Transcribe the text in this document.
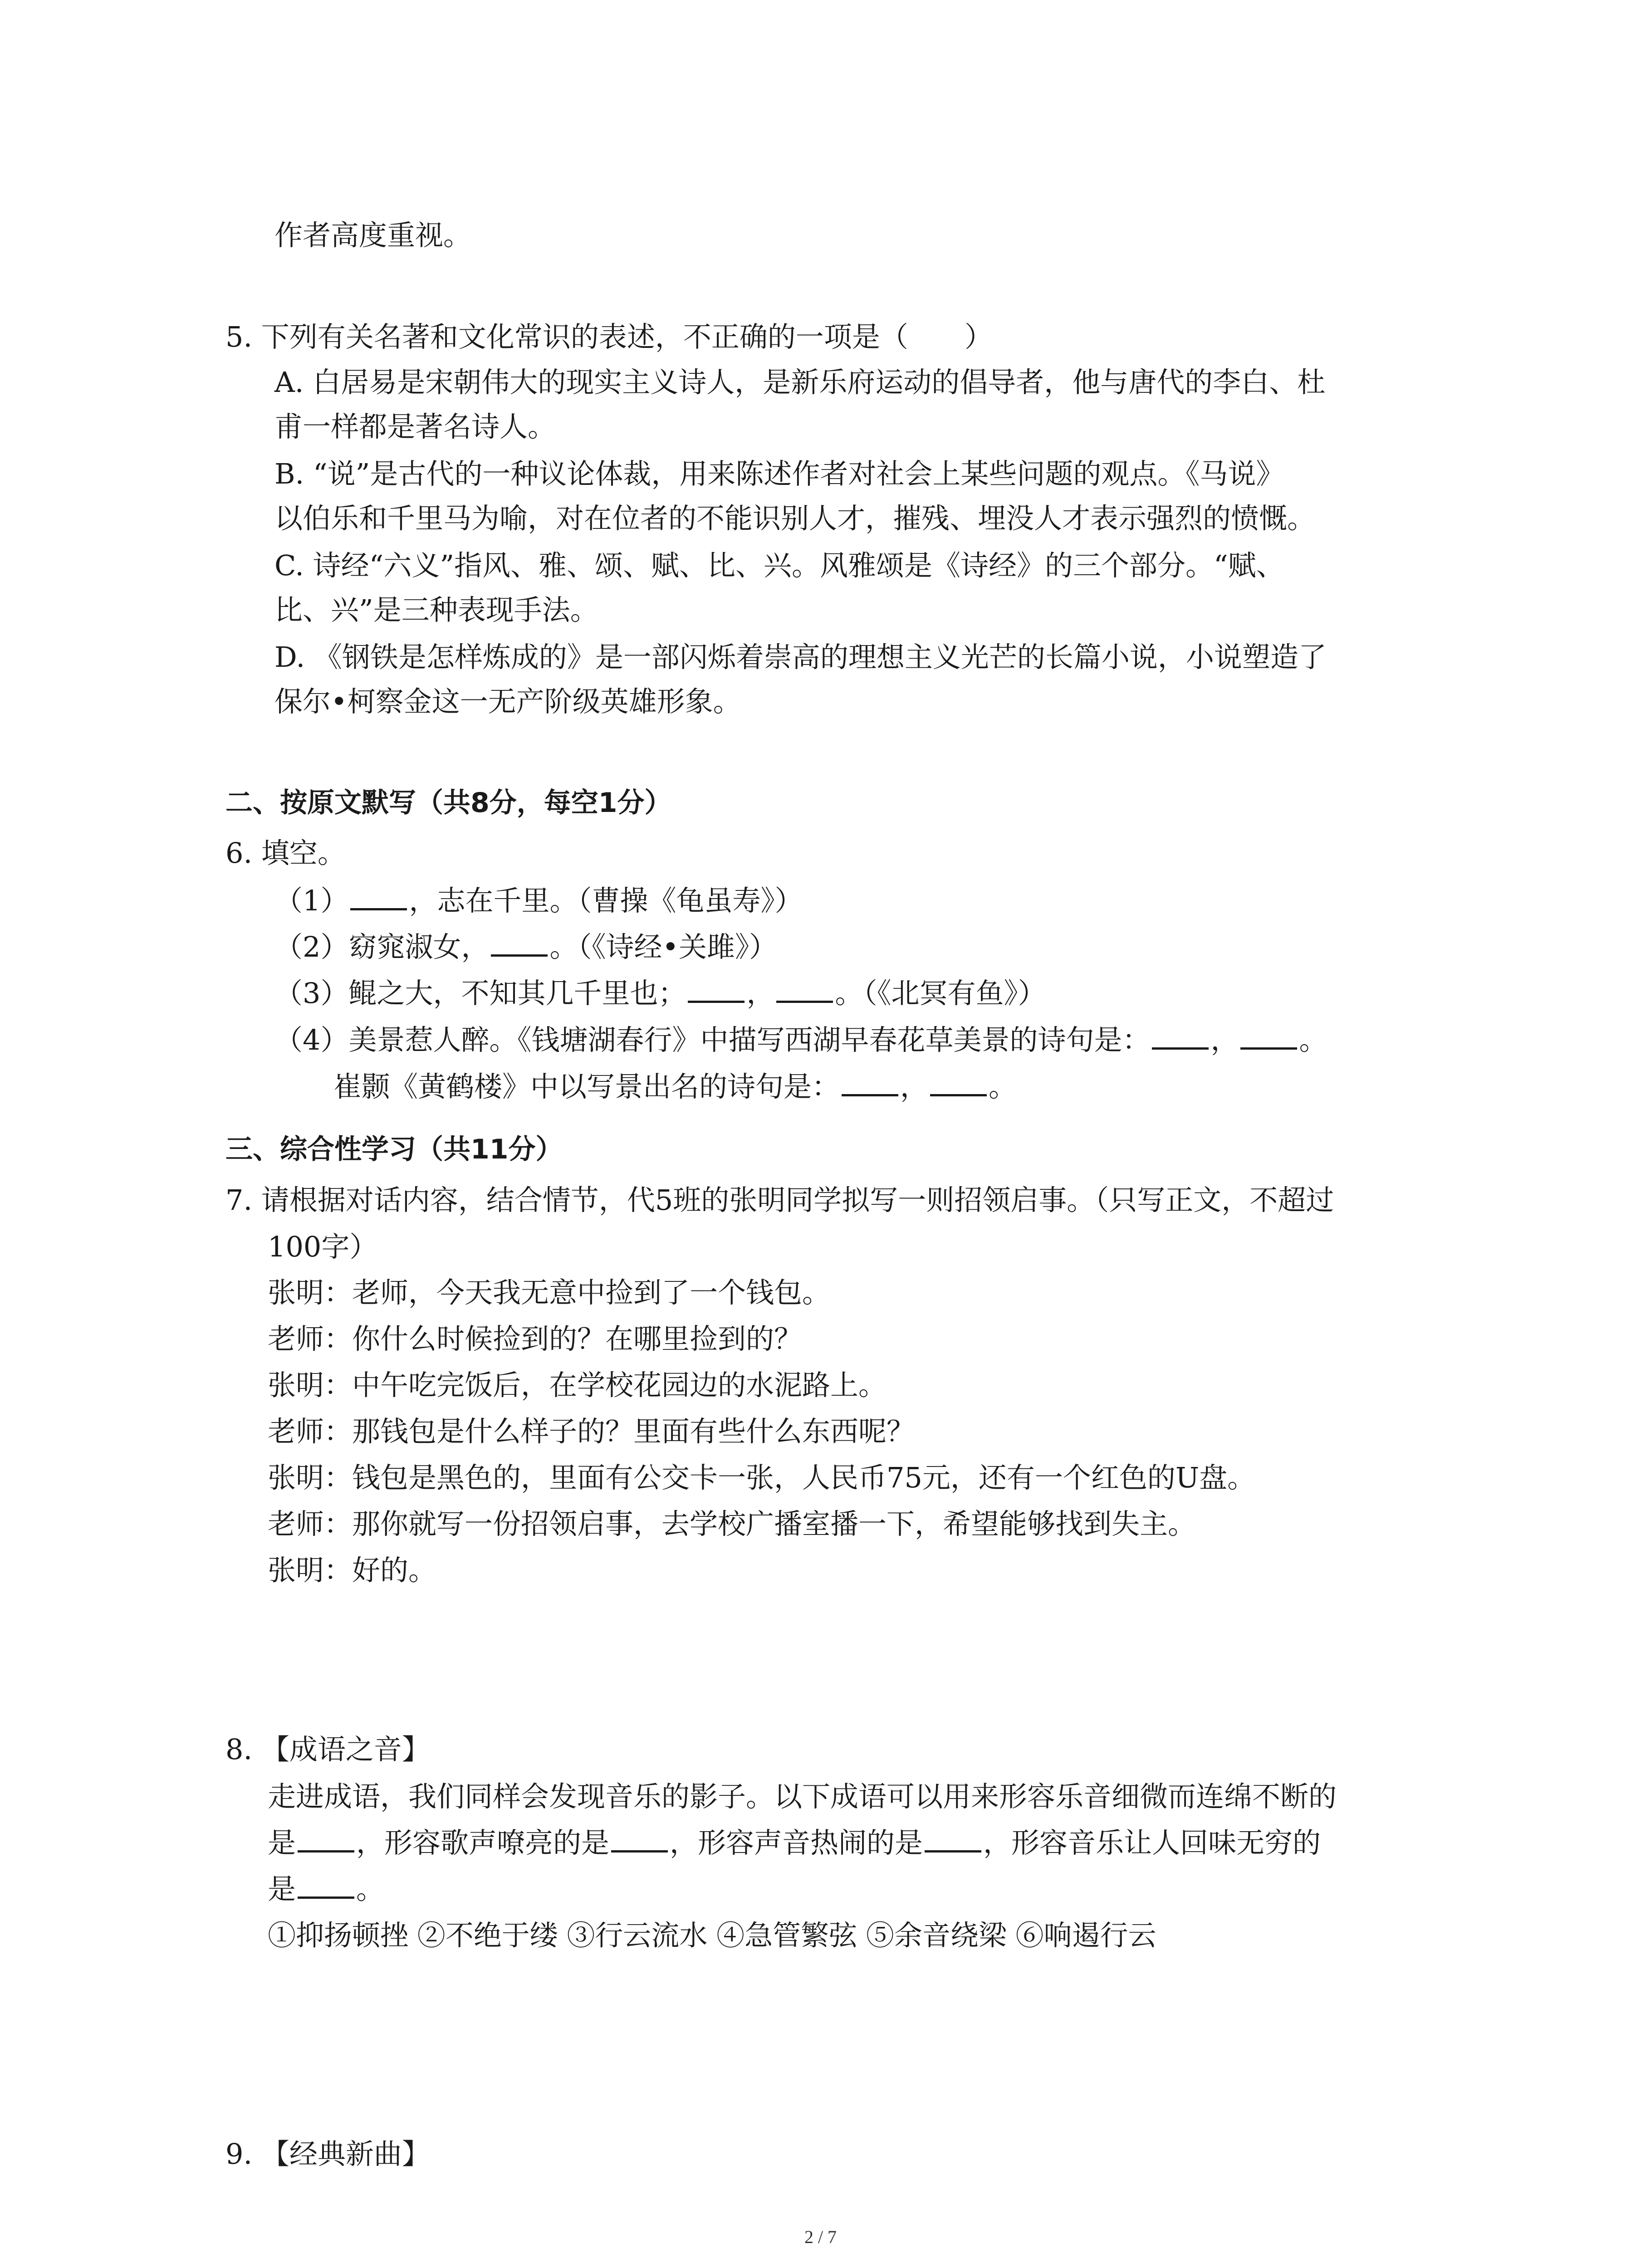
作者高度重视。
5. 下列有关名著和文化常识的表述，不正确的一项是（　　）
A. 白居易是宋朝伟大的现实主义诗人，是新乐府运动的倡导者，他与唐代的李白、杜
甫一样都是著名诗人。
B. “说”是古代的一种议论体裁，用来陈述作者对社会上某些问题的观点。《马说》
以伯乐和千里马为喻，对在位者的不能识别人才，摧残、埋没人才表示强烈的愤慨。
C. 诗经“六义”指风、雅、颂、赋、比、兴。风雅颂是《诗经》的三个部分。“赋、
比、兴”是三种表现手法。
D. 《钢铁是怎样炼成的》是一部闪烁着崇高的理想主义光芒的长篇小说，小说塑造了
保尔•柯察金这一无产阶级英雄形象。
二、按原文默写（共8分，每空1分）
6. 填空。
（1） ，志在千里。（曹操《龟虽寿》）
（2）窈窕淑女， 。（《诗经•关雎》）
（3）鲲之大，不知其几千里也； ， 。（《北冥有鱼》）
（4）美景惹人醉。《钱塘湖春行》中描写西湖早春花草美景的诗句是： ， 。
崔颢《黄鹤楼》中以写景出名的诗句是： ， 。
三、综合性学习（共11分）
7. 请根据对话内容，结合情节，代5班的张明同学拟写一则招领启事。（只写正文，不超过
100字）
张明：老师，今天我无意中捡到了一个钱包。
老师：你什么时候捡到的？在哪里捡到的？
张明：中午吃完饭后，在学校花园边的水泥路上。
老师：那钱包是什么样子的？里面有些什么东西呢？
张明：钱包是黑色的，里面有公交卡一张，人民币75元，还有一个红色的U盘。
老师：那你就写一份招领启事，去学校广播室播一下，希望能够找到失主。
张明：好的。
8. 【成语之音】
走进成语，我们同样会发现音乐的影子。以下成语可以用来形容乐音细微而连绵不断的
是 ，形容歌声嘹亮的是 ，形容声音热闹的是 ，形容音乐让人回味无穷的
是 。
①抑扬顿挫 ②不绝于缕 ③行云流水 ④急管繁弦 ⑤余音绕梁 ⑥响遏行云
9. 【经典新曲】
2 / 7
